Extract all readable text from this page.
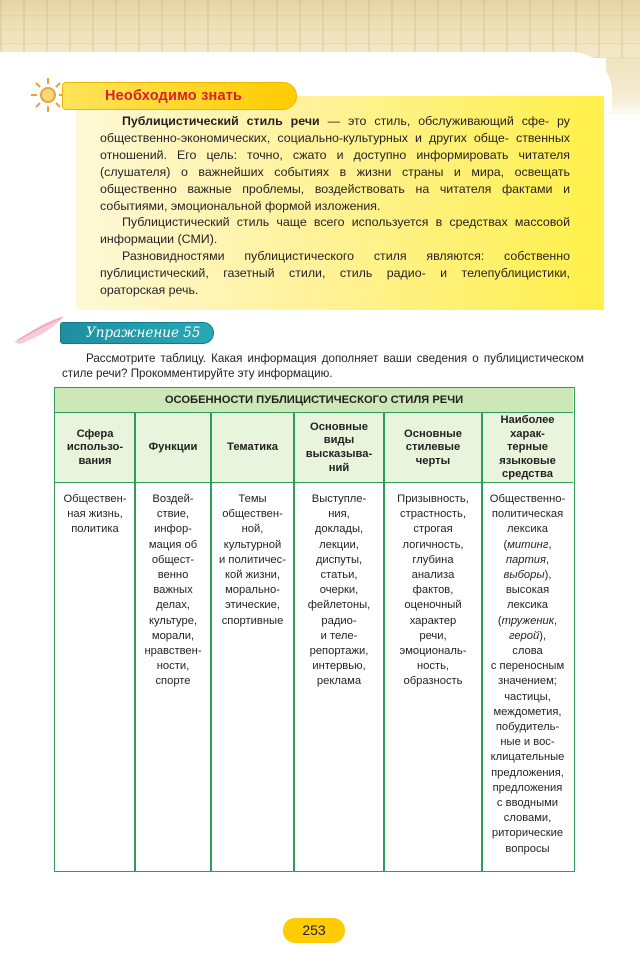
Необходимо знать

Публицистический стиль речи — это стиль, обслуживающий сфе- ру общественно-экономических, социально-культурных и других обще- ственных отношений. Его цель: точно, сжато и доступно информировать читателя (слушателя) о важнейших событиях в жизни страны и мира, освещать общественно важные проблемы, воздействовать на читателя фактами и событиями, эмоциональной формой изложения.

Публицистический стиль чаще всего используется в средствах массовой информации (СМИ).

Разновидностями публицистического стиля являются: собственно публицистический, газетный стили, стиль радио- и телепублицистики, ораторская речь.

Упражнение 55
Рассмотрите таблицу. Какая информация дополняет ваши сведения о публицистическом стиле речи? Прокомментируйте эту информацию.
ОСОБЕННОСТИ ПУБЛИЦИСТИЧЕСКОГО СТИЛЯ РЕЧИ
Сфера
использо-
вания
Функции	Тематика
Основные
виды
высказыва-
ний
Основные
стилевые
черты
Наиболее
харак-
терные
языковые
средства
Обществен-
ная жизнь,
политика
Воздей-
ствие,
инфор-
мация об
общест-
венно
важных
делах,
культуре,
морали,
нравствен-
ности,
спорте
Темы
обществен-
ной,
культурной
и политичес-
кой жизни,
морально-
этические,
спортивные
Выступле-
ния,
доклады,
лекции,
диспуты,
статьи,
очерки,
фейлетоны,
радио-
и теле-
репортажи,
интервью,
реклама
Призывность,
страстность,
строгая
логичность,
глубина
анализа
фактов,
оценочный
характер
речи,
эмоциональ-
ность,
образность
Общественно-
политическая
лексика
(митинг,
партия,
выборы),
высокая
лексика
(труженик,
герой),
слова
с переносным
значением;
частицы,
междометия,
побудитель-
ные и вос-
клицательные
предложения,
предложения
с вводными
словами,
риторические
вопросы
253
